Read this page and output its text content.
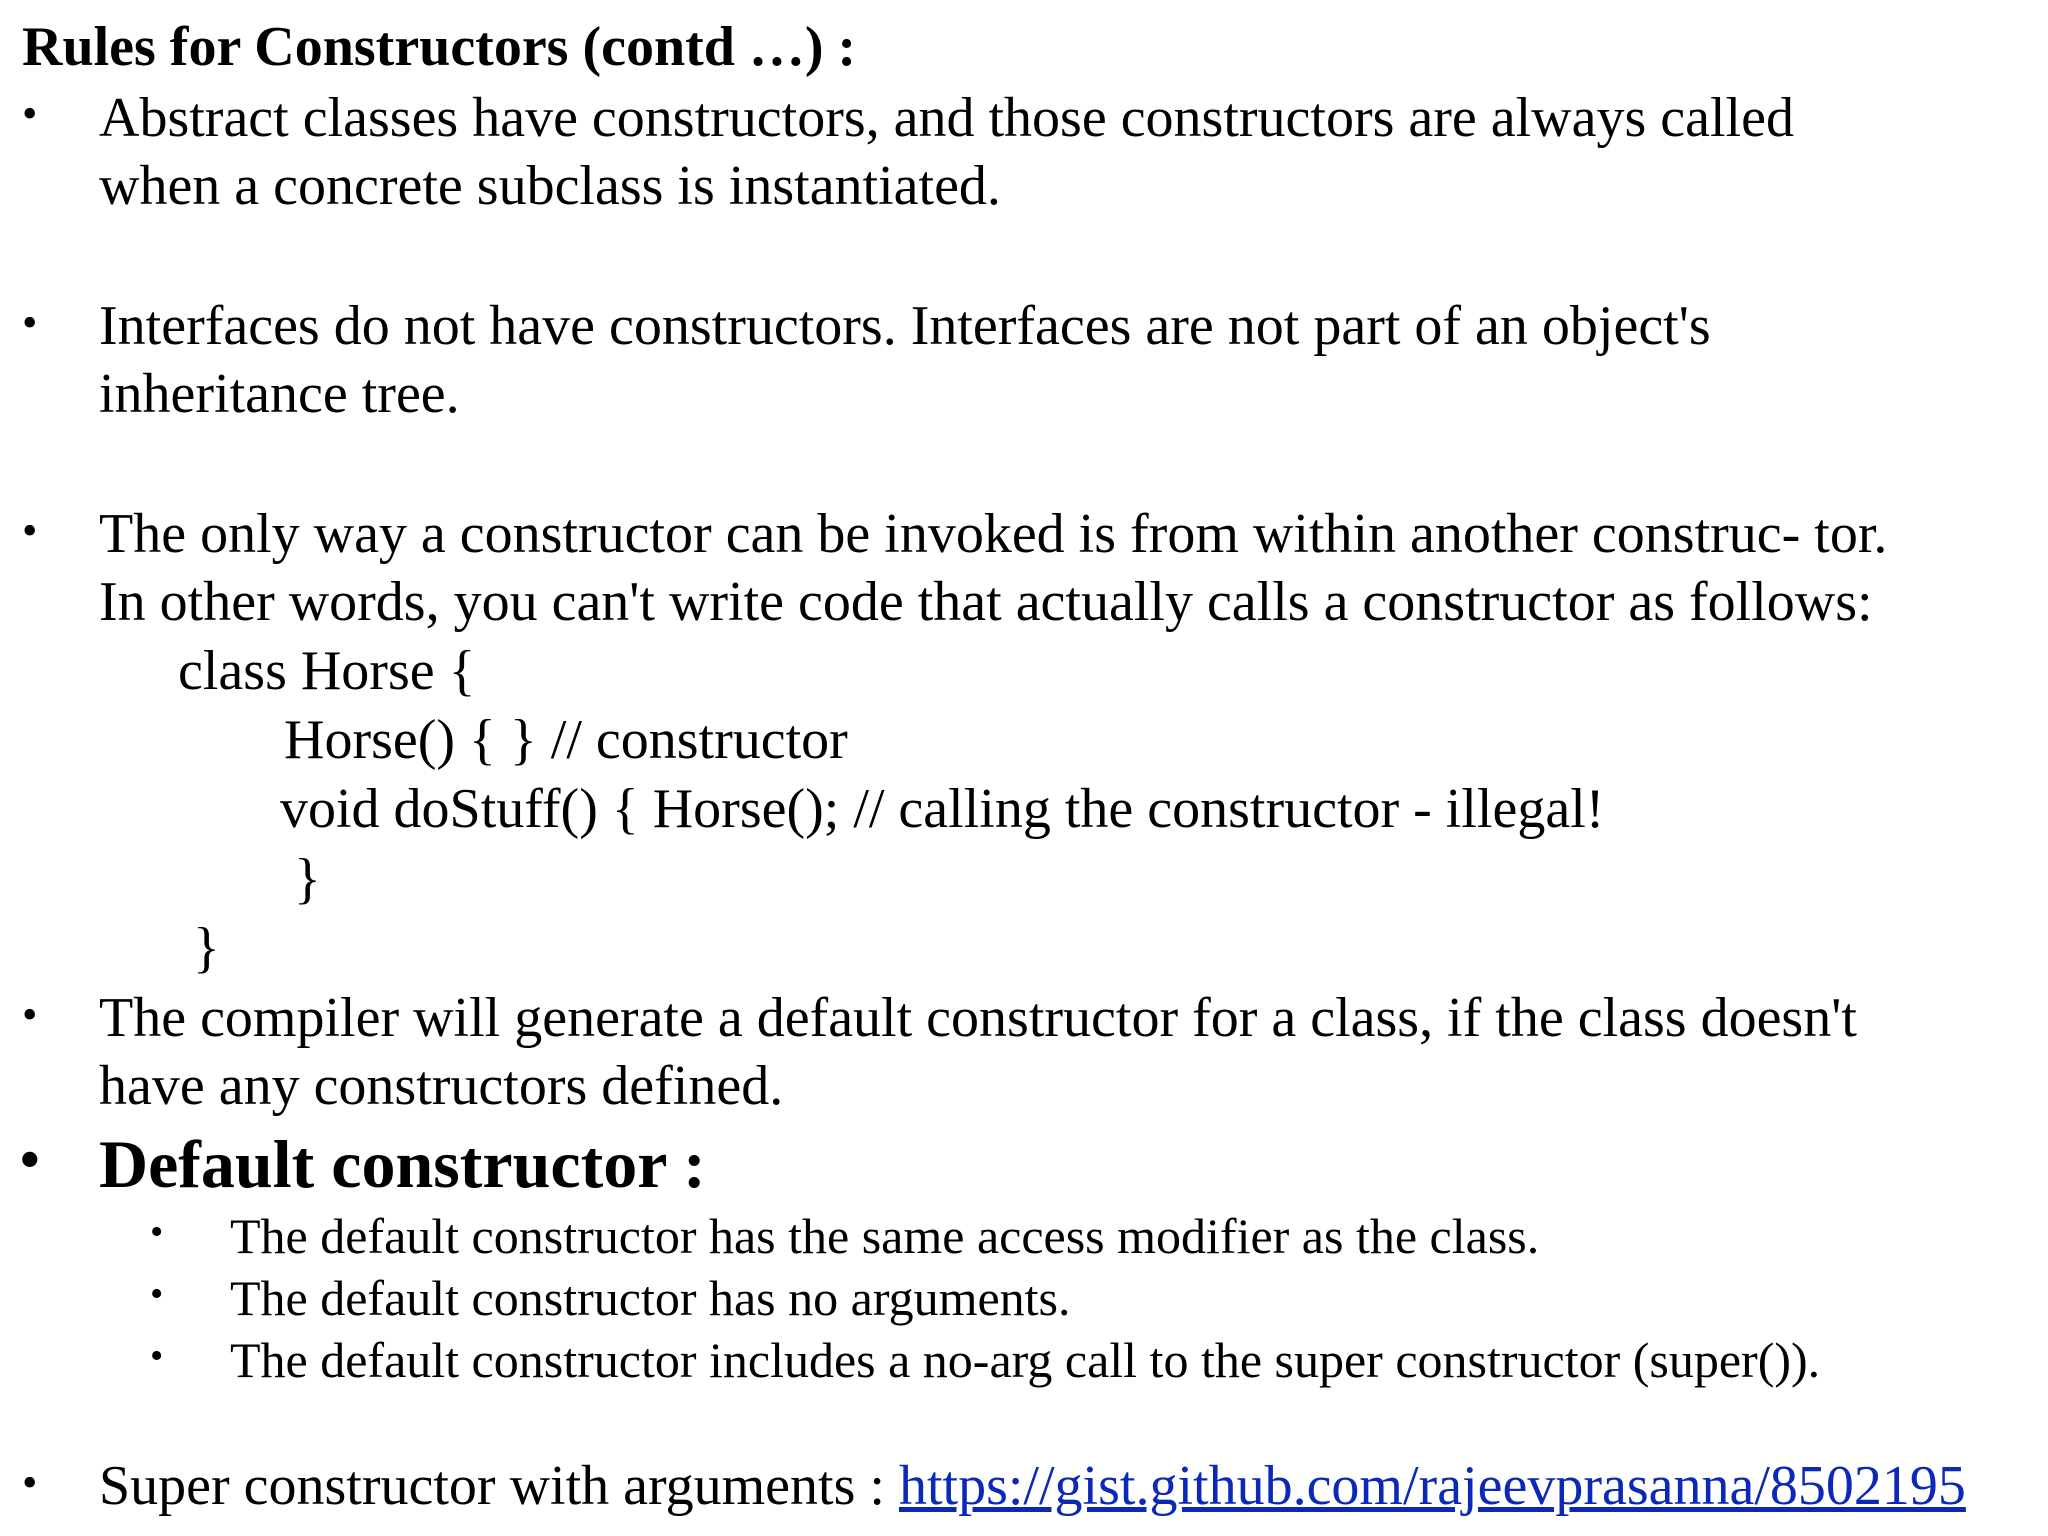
Rules for Constructors (contd …) :
• Abstract classes have constructors, and those constructors are always called
when a concrete subclass is instantiated.
• Interfaces do not have constructors. Interfaces are not part of an object's
inheritance tree.
• The only way a constructor can be invoked is from within another construc- tor.
In other words, you can't write code that actually calls a constructor as follows:
class Horse {
Horse() { } // constructor
void doStuff() { Horse(); // calling the constructor - illegal!
}
}
• The compiler will generate a default constructor for a class, if the class doesn't
have any constructors defined.
• Default constructor :
• The default constructor has the same access modifier as the class.
• The default constructor has no arguments.
• The default constructor includes a no-arg call to the super constructor (super()).
• Super constructor with arguments : https://gist.github.com/rajeevprasanna/8502195
